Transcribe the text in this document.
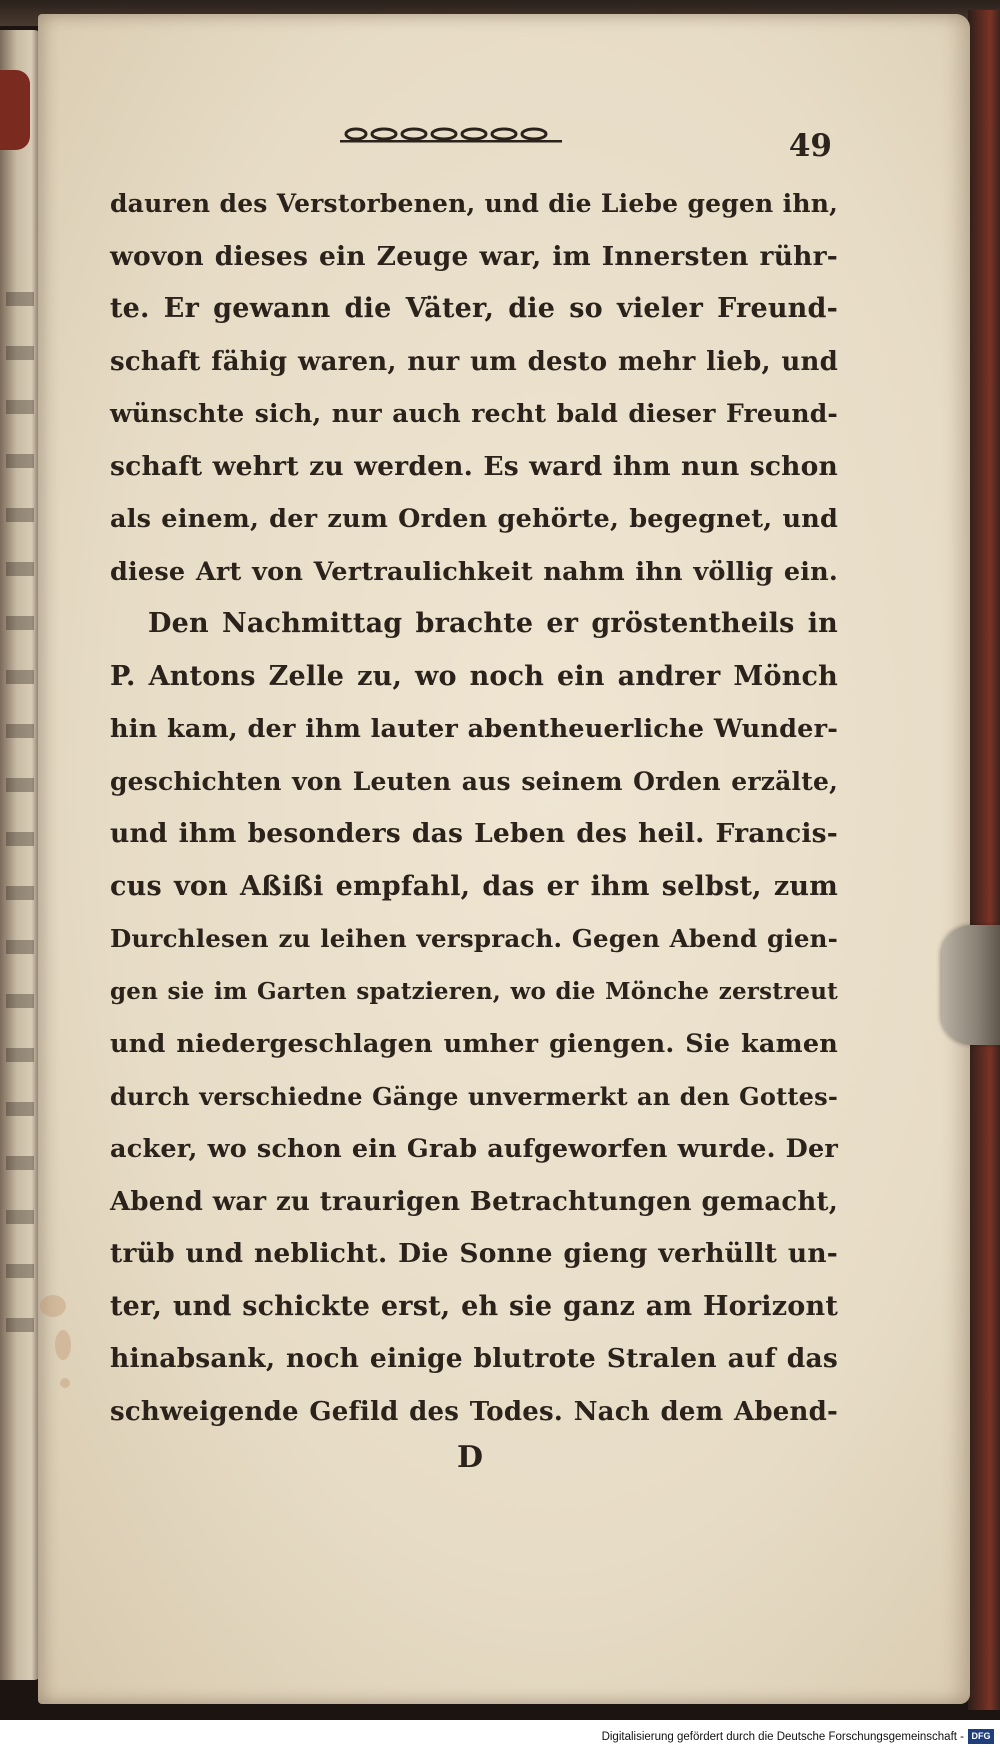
49
dauren des Verstorbenen, und die Liebe gegen ihn,
wovon dieses ein Zeuge war, im Innersten rühr-
te. Er gewann die Väter, die so vieler Freund-
schaft fähig waren, nur um desto mehr lieb, und
wünschte sich, nur auch recht bald dieser Freund-
schaft wehrt zu werden. Es ward ihm nun schon
als einem, der zum Orden gehörte, begegnet, und
diese Art von Vertraulichkeit nahm ihn völlig ein.
Den Nachmittag brachte er gröstentheils in
P. Antons Zelle zu, wo noch ein andrer Mönch
hin kam, der ihm lauter abentheuerliche Wunder-
geschichten von Leuten aus seinem Orden erzälte,
und ihm besonders das Leben des heil. Francis-
cus von Aßißi empfahl, das er ihm selbst, zum
Durchlesen zu leihen versprach. Gegen Abend gien-
gen sie im Garten spatzieren, wo die Mönche zerstreut
und niedergeschlagen umher giengen. Sie kamen
durch verschiedne Gänge unvermerkt an den Gottes-
acker, wo schon ein Grab aufgeworfen wurde. Der
Abend war zu traurigen Betrachtungen gemacht,
trüb und neblicht. Die Sonne gieng verhüllt un-
ter, und schickte erst, eh sie ganz am Horizont
hinabsank, noch einige blutrote Stralen auf das
schweigende Gefild des Todes. Nach dem Abend-
D
Digitalisierung gefördert durch die Deutsche Forschungsgemeinschaft - DFG
